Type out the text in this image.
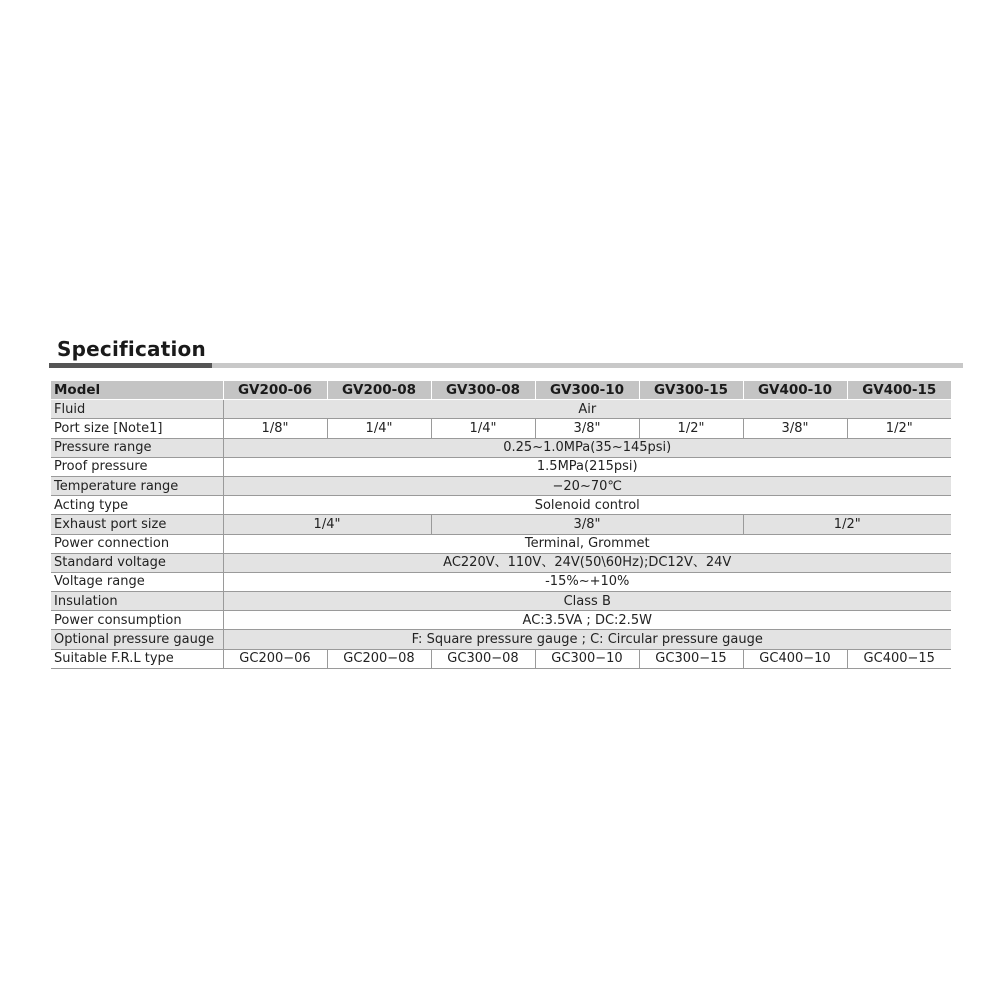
Specification
Model	GV200-06	GV200-08	GV300-08	GV300-10	GV300-15	GV400-10	GV400-15
Fluid	Air						
Port size [Note1]	1/8"	1/4"	1/4"	3/8"	1/2"	3/8"	1/2"
Pressure range	0.25~1.0MPa(35~145psi)						
Proof pressure	1.5MPa(215psi)						
Temperature range	−20~70℃						
Acting type	Solenoid control						
Exhaust port size	1/4"		3/8"			1/2"	
Power connection	Terminal, Grommet						
Standard voltage	AC220V、110V、24V(50\60Hz);DC12V、24V						
Voltage range	-15%~+10%						
Insulation	Class B						
Power consumption	AC:3.5VA ; DC:2.5W						
Optional pressure gauge	F: Square pressure gauge ; C: Circular pressure gauge						
Suitable F.R.L type	GC200−06	GC200−08	GC300−08	GC300−10	GC300−15	GC400−10	GC400−15
